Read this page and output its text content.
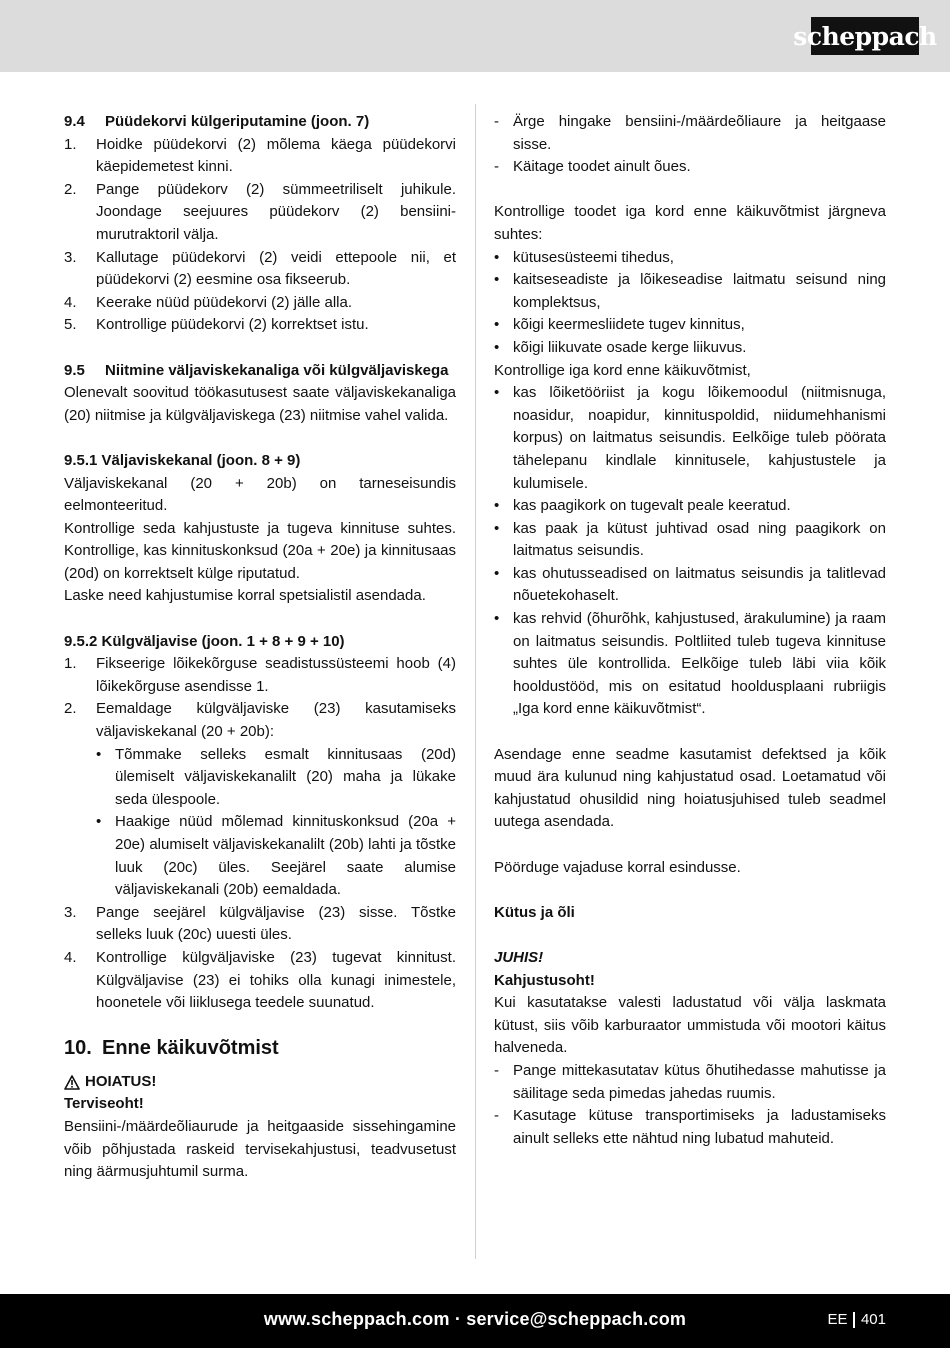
scheppach
9.4	Püüdekorvi külgeriputamine (joon. 7)
1.	Hoidke püüdekorvi (2) mõlema käega püüdekorvi käepidemetest kinni.
2.	Pange püüdekorv (2) sümmeetriliselt juhikule. Joondage seejuures püüdekorv (2) bensiini-murutraktoril välja.
3.	Kallutage püüdekorvi (2) veidi ettepoole nii, et püüdekorvi (2) eesmine osa fikseerub.
4.	Keerake nüüd püüdekorvi (2) jälle alla.
5.	Kontrollige püüdekorvi (2) korrektset istu.
9.5	Niitmine väljaviskekanaliga või külgväljaviskega

Olenevalt soovitud töökasutusest saate väljaviskekanaliga (20) niitmise ja külgväljaviskega (23) niitmise vahel valida.

9.5.1 Väljaviskekanal (joon. 8 + 9)

Väljaviskekanal (20 + 20b) on tarneseisundis eelmonteeritud.

Kontrollige seda kahjustuste ja tugeva kinnituse suhtes. Kontrollige, kas kinnituskonksud (20a + 20e) ja kinnitusaas (20d) on korrektselt külge riputatud.

Laske need kahjustumise korral spetsialistil asendada.

9.5.2 Külgväljavise (joon. 1 + 8 + 9 + 10)

1.	Fikseerige lõikekõrguse seadistussüsteemi hoob (4) lõikekõrguse asendisse 1.
2.	Eemaldage külgväljaviske (23) kasutamiseks väljaviskekanal (20 + 20b):
• Tõmmake selleks esmalt kinnitusaas (20d) ülemiselt väljaviskekanalilt (20) maha ja lükake seda ülespoole.
• Haakige nüüd mõlemad kinnituskonksud (20a + 20e) alumiselt väljaviskekanalilt (20b) lahti ja tõstke luuk (20c) üles. Seejärel saate alumise väljaviskekanali (20b) eemaldada.
3.	Pange seejärel külgväljavise (23) sisse. Tõstke selleks luuk (20c) uuesti üles.
4.	Kontrollige külgväljaviske (23) tugevat kinnitust. Külgväljavise (23) ei tohiks olla kunagi inimestele, hoonetele või liiklusega teedele suunatud.
10. Enne käikuvõtmist
HOIATUS!

Terviseoht!

Bensiini-/määrdeõliaurude ja heitgaaside sissehingamine võib põhjustada raskeid tervisekahjustusi, teadvusetust ning äärmusjuhtumil surma.

- Ärge hingake bensiini-/määrdeõliaure ja heitgaase sisse.
- Käitage toodet ainult õues.

Kontrollige toodet iga kord enne käikuvõtmist järgneva suhtes:

• kütusesüsteemi tihedus,
• kaitseseadiste ja lõikeseadise laitmatu seisund ning komplektsus,
• kõigi keermesliidete tugev kinnitus,
• kõigi liikuvate osade kerge liikuvus.

Kontrollige iga kord enne käikuvõtmist,

• kas lõiketööriist ja kogu lõikemoodul (niitmisnuga, noasidur, noapidur, kinnituspoldid, niidumehhanismi korpus) on laitmatus seisundis. Eelkõige tuleb pöörata tähelepanu kindlale kinnitusele, kahjustustele ja kulumisele.
• kas paagikork on tugevalt peale keeratud.
• kas paak ja kütust juhtivad osad ning paagikork on laitmatus seisundis.
• kas ohutusseadised on laitmatus seisundis ja talitlevad nõuetekohaselt.
• kas rehvid (õhurõhk, kahjustused, ärakulumine) ja raam on laitmatus seisundis. Poltliited tuleb tugeva kinnituse suhtes üle kontrollida. Eelkõige tuleb läbi viia kõik hooldustööd, mis on esitatud hooldusplaani rubriigis „Iga kord enne käikuvõtmist“.

Asendage enne seadme kasutamist defektsed ja kõik muud ära kulunud ning kahjustatud osad. Loetamatud või kahjustatud ohusildid ning hoiatusjuhised tuleb seadmel uutega asendada.

Pöörduge vajaduse korral esindusse.

Kütus ja õli

JUHIS!

Kahjustusoht!

Kui kasutatakse valesti ladustatud või välja laskmata kütust, siis võib karburaator ummistuda või mootori käitus halveneda.

- Pange mittekasutatav kütus õhutihedasse mahutisse ja säilitage seda pimedas jahedas ruumis.
- Kasutage kütuse transportimiseks ja ladustamiseks ainult selleks ette nähtud ning lubatud mahuteid.
www.scheppach.com · service@scheppach.com	EE 401
